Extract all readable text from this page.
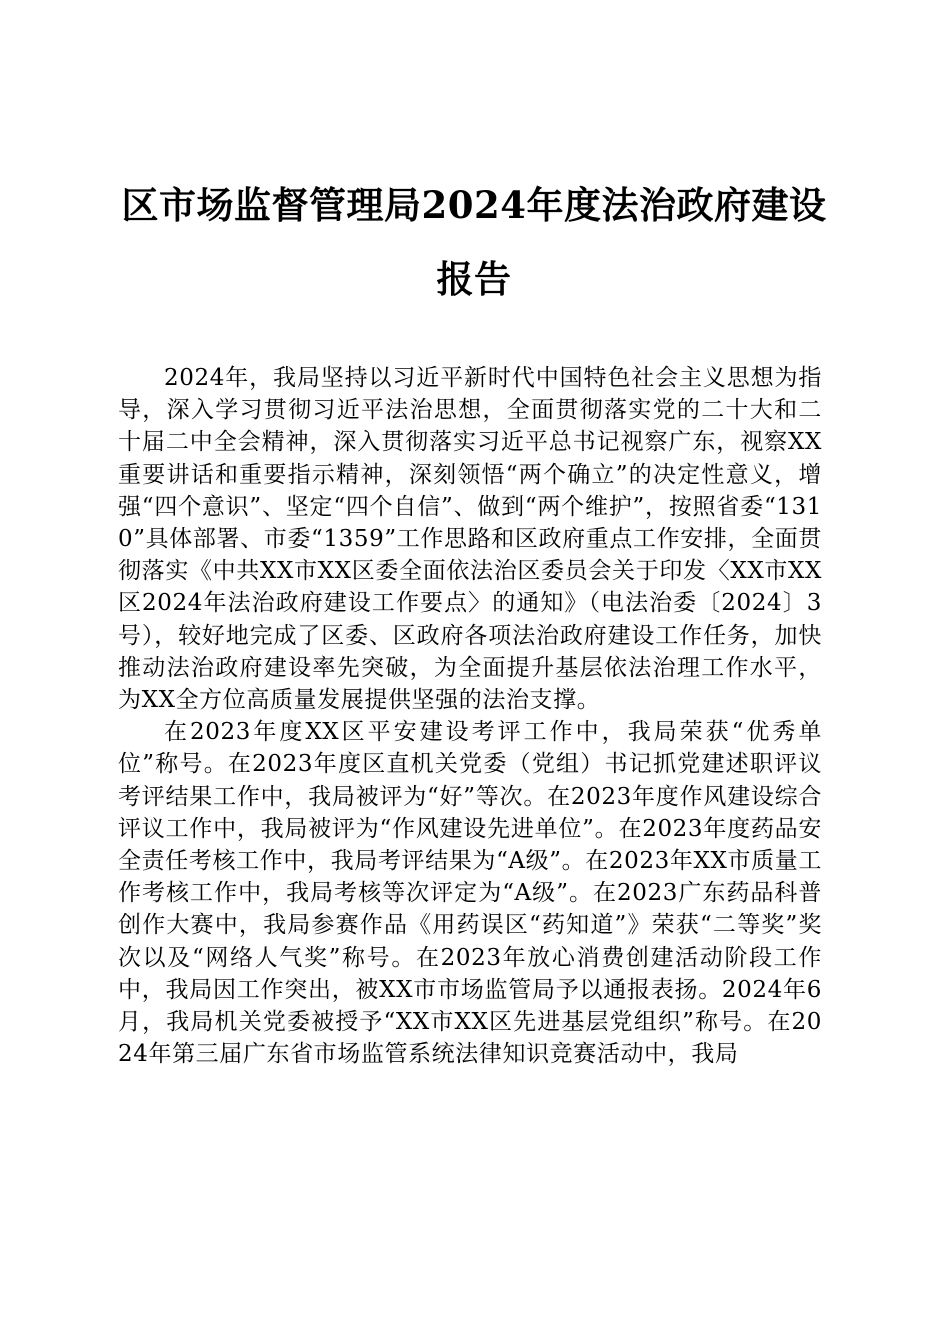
区市场监督管理局2024年度法治政府建设报告

2024年，我局坚持以习近平新时代中国特色社会主义思想为指导，深入学习贯彻习近平法治思想，全面贯彻落实党的二十大和二十届二中全会精神，深入贯彻落实习近平总书记视察广东，视察XX重要讲话和重要指示精神，深刻领悟“两个确立”的决定性意义，增强“四个意识”、坚定“四个自信”、做到“两个维护”，按照省委“1310”具体部署、市委“1359”工作思路和区政府重点工作安排，全面贯彻落实《中共XX市XX区委全面依法治区委员会关于印发〈XX市XX区2024年法治政府建设工作要点〉的通知》（电法治委〔2024〕3号），较好地完成了区委、区政府各项法治政府建设工作任务，加快推动法治政府建设率先突破，为全面提升基层依法治理工作水平，为XX全方位高质量发展提供坚强的法治支撑。

在2023年度XX区平安建设考评工作中，我局荣获“优秀单位”称号。在2023年度区直机关党委（党组）书记抓党建述职评议考评结果工作中，我局被评为“好”等次。在2023年度作风建设综合评议工作中，我局被评为“作风建设先进单位”。在2023年度药品安全责任考核工作中，我局考评结果为“A级”。在2023年XX市质量工作考核工作中，我局考核等次评定为“A级”。在2023广东药品科普创作大赛中，我局参赛作品《用药误区“药知道”》荣获“二等奖”奖次以及“网络人气奖”称号。在2023年放心消费创建活动阶段工作中，我局因工作突出，被XX市市场监管局予以通报表扬。2024年6月，我局机关党委被授予“XX市XX区先进基层党组织”称号。在2024年第三届广东省市场监管系统法律知识竞赛活动中，我局
